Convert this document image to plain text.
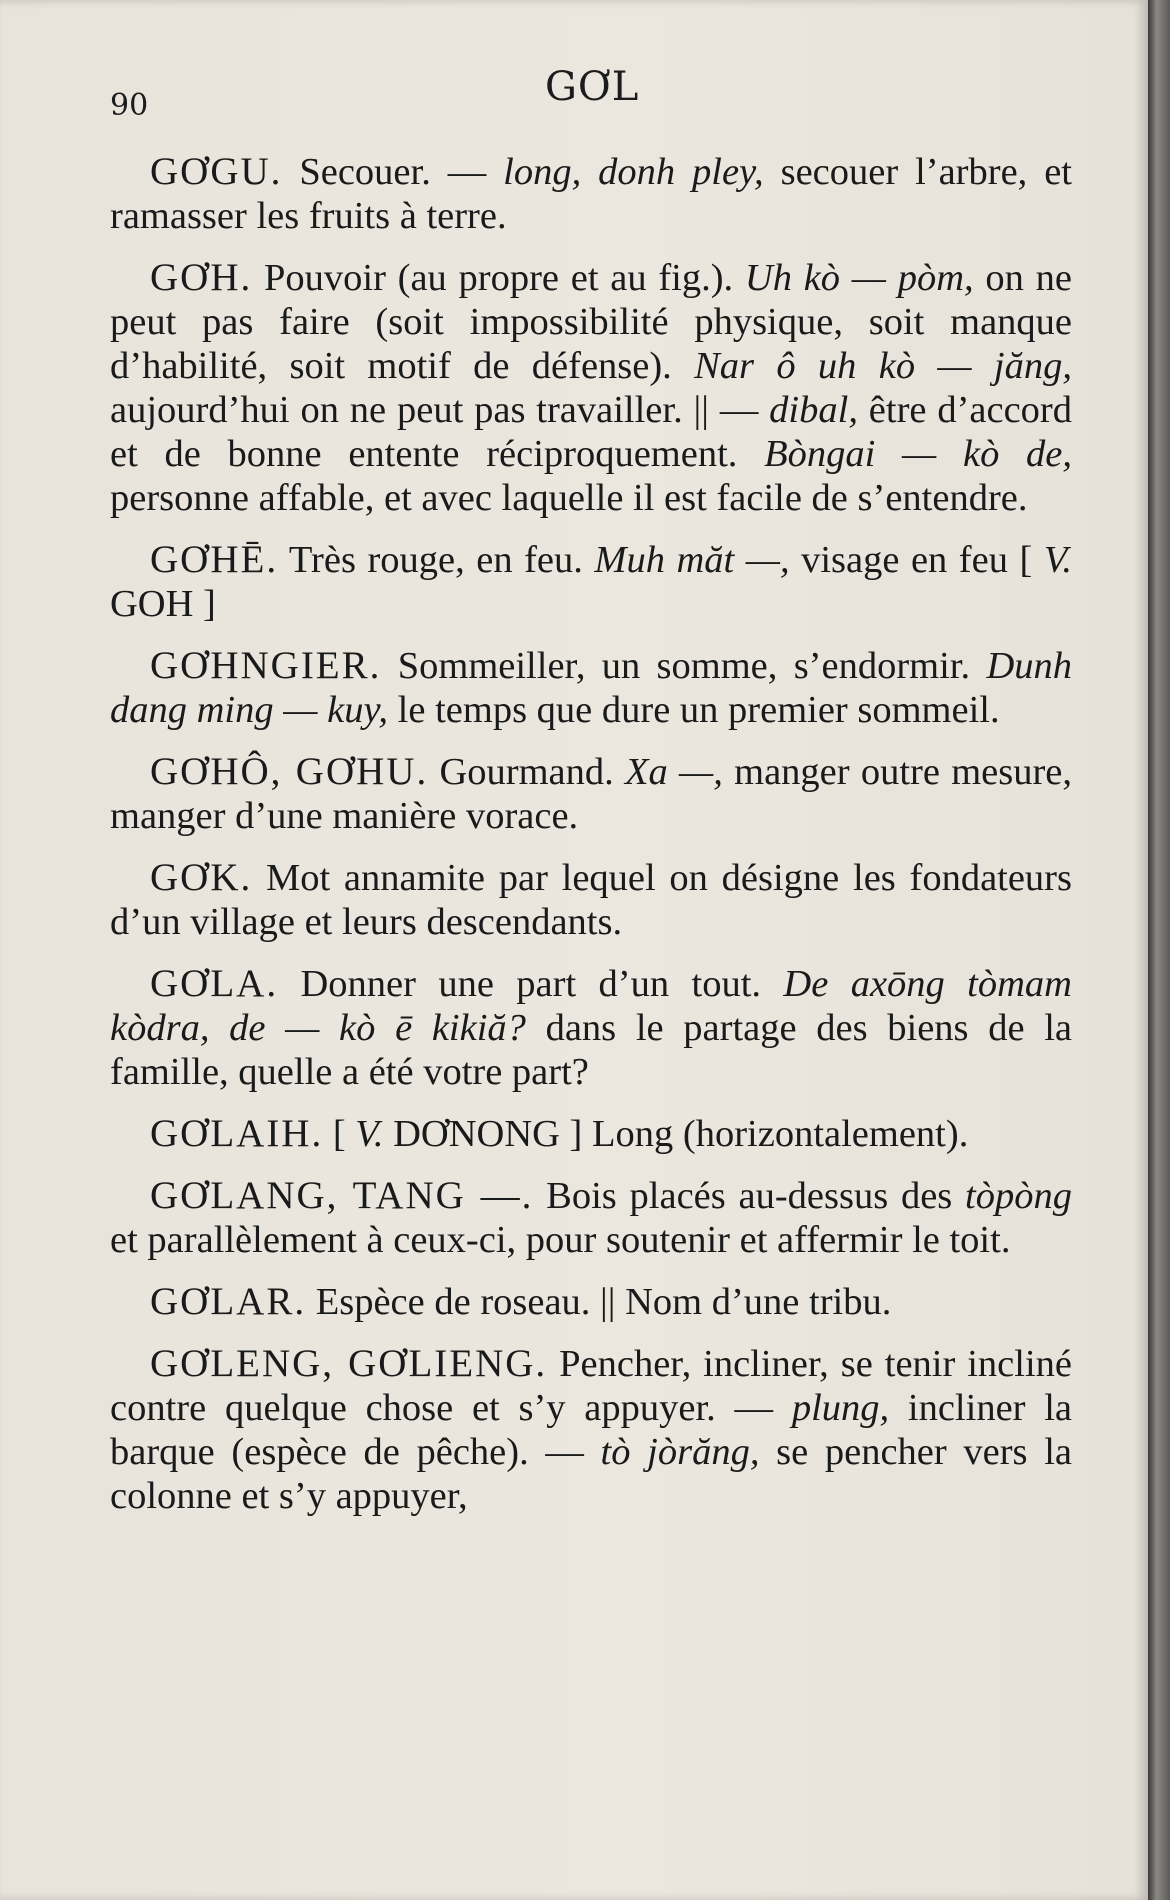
90	GƠL

GƠGU. Secouer. — long, donh pley, secouer l’arbre, et ramasser les fruits à terre.

GƠH. Pouvoir (au propre et au fig.). Uh kò — pòm, on ne peut pas faire (soit impossibilité physique, soit manque d’habilité, soit motif de défense). Nar ô uh kò — jăng, aujourd’hui on ne peut pas travailler. || — dibal, être d’accord et de bonne entente réciproquement. Bòngai — kò de, personne affable, et avec laquelle il est facile de s’entendre.

GƠHĒ. Très rouge, en feu. Muh măt —, visage en feu [ V. GOH ]

GƠHNGIER. Sommeiller, un somme, s’endormir. Dunh dang ming — kuy, le temps que dure un premier sommeil.

GƠHÔ, GƠHU. Gourmand. Xa —, manger outre mesure, manger d’une manière vorace.

GƠK. Mot annamite par lequel on désigne les fondateurs d’un village et leurs descendants.

GƠLA. Donner une part d’un tout. De axōng tòmam kòdra, de — kò ē kikiă? dans le partage des biens de la famille, quelle a été votre part?

GƠLAIH. [ V. DƠNONG ] Long (horizontalement).

GƠLANG, TANG —. Bois placés au-dessus des tòpòng et parallèlement à ceux-ci, pour soutenir et affermir le toit.

GƠLAR. Espèce de roseau. || Nom d’une tribu.

GƠLENG, GƠLIENG. Pencher, incliner, se tenir incliné contre quelque chose et s’y appuyer. — plung, incliner la barque (espèce de pêche). — tò jòrăng, se pencher vers la colonne et s’y appuyer,
